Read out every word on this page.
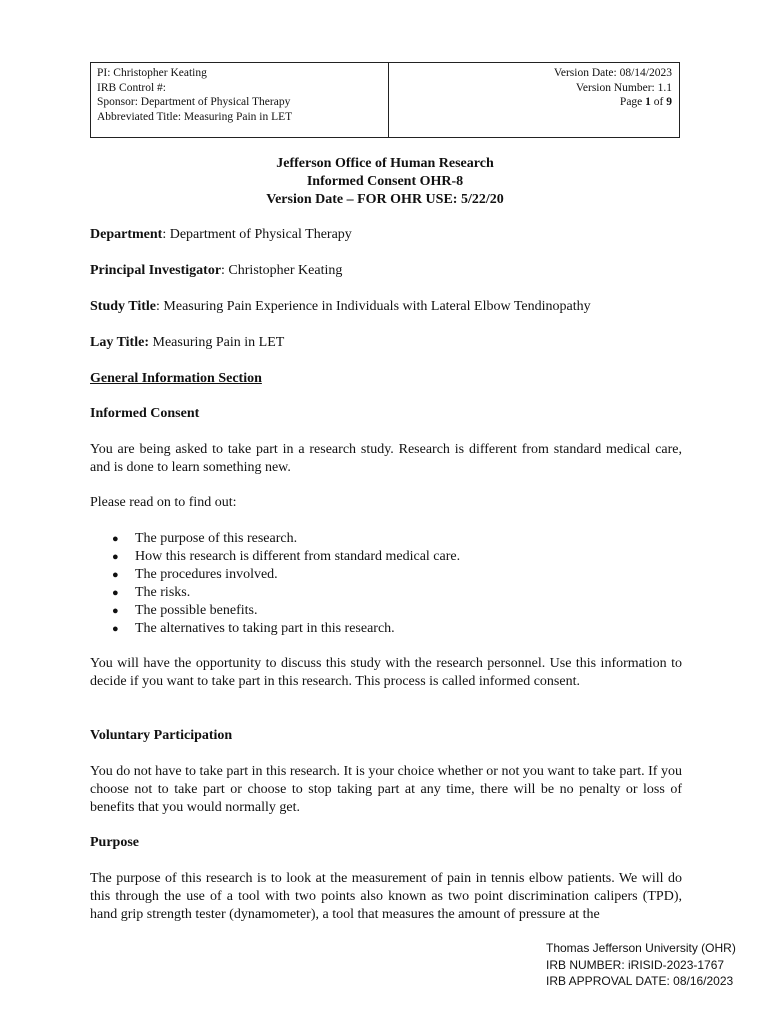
PI: Christopher Keating
IRB Control #:
Sponsor: Department of Physical Therapy
Abbreviated Title: Measuring Pain in LET
Version Date: 08/14/2023
Version Number: 1.1
Page 1 of 9
Jefferson Office of Human Research
Informed Consent OHR-8
Version Date – FOR OHR USE: 5/22/20
Department: Department of Physical Therapy
Principal Investigator: Christopher Keating
Study Title: Measuring Pain Experience in Individuals with Lateral Elbow Tendinopathy
Lay Title: Measuring Pain in LET
General Information Section
Informed Consent
You are being asked to take part in a research study. Research is different from standard medical care, and is done to learn something new.
Please read on to find out:
● The purpose of this research.
● How this research is different from standard medical care.
● The procedures involved.
● The risks.
● The possible benefits.
● The alternatives to taking part in this research.
You will have the opportunity to discuss this study with the research personnel. Use this information to decide if you want to take part in this research. This process is called informed consent.
Voluntary Participation
You do not have to take part in this research. It is your choice whether or not you want to take part. If you choose not to take part or choose to stop taking part at any time, there will be no penalty or loss of benefits that you would normally get.
Purpose
The purpose of this research is to look at the measurement of pain in tennis elbow patients. We will do this through the use of a tool with two points also known as two point discrimination calipers (TPD), hand grip strength tester (dynamometer), a tool that measures the amount of pressure at the
Thomas Jefferson University (OHR)
IRB NUMBER: iRISID-2023-1767
IRB APPROVAL DATE: 08/16/2023
